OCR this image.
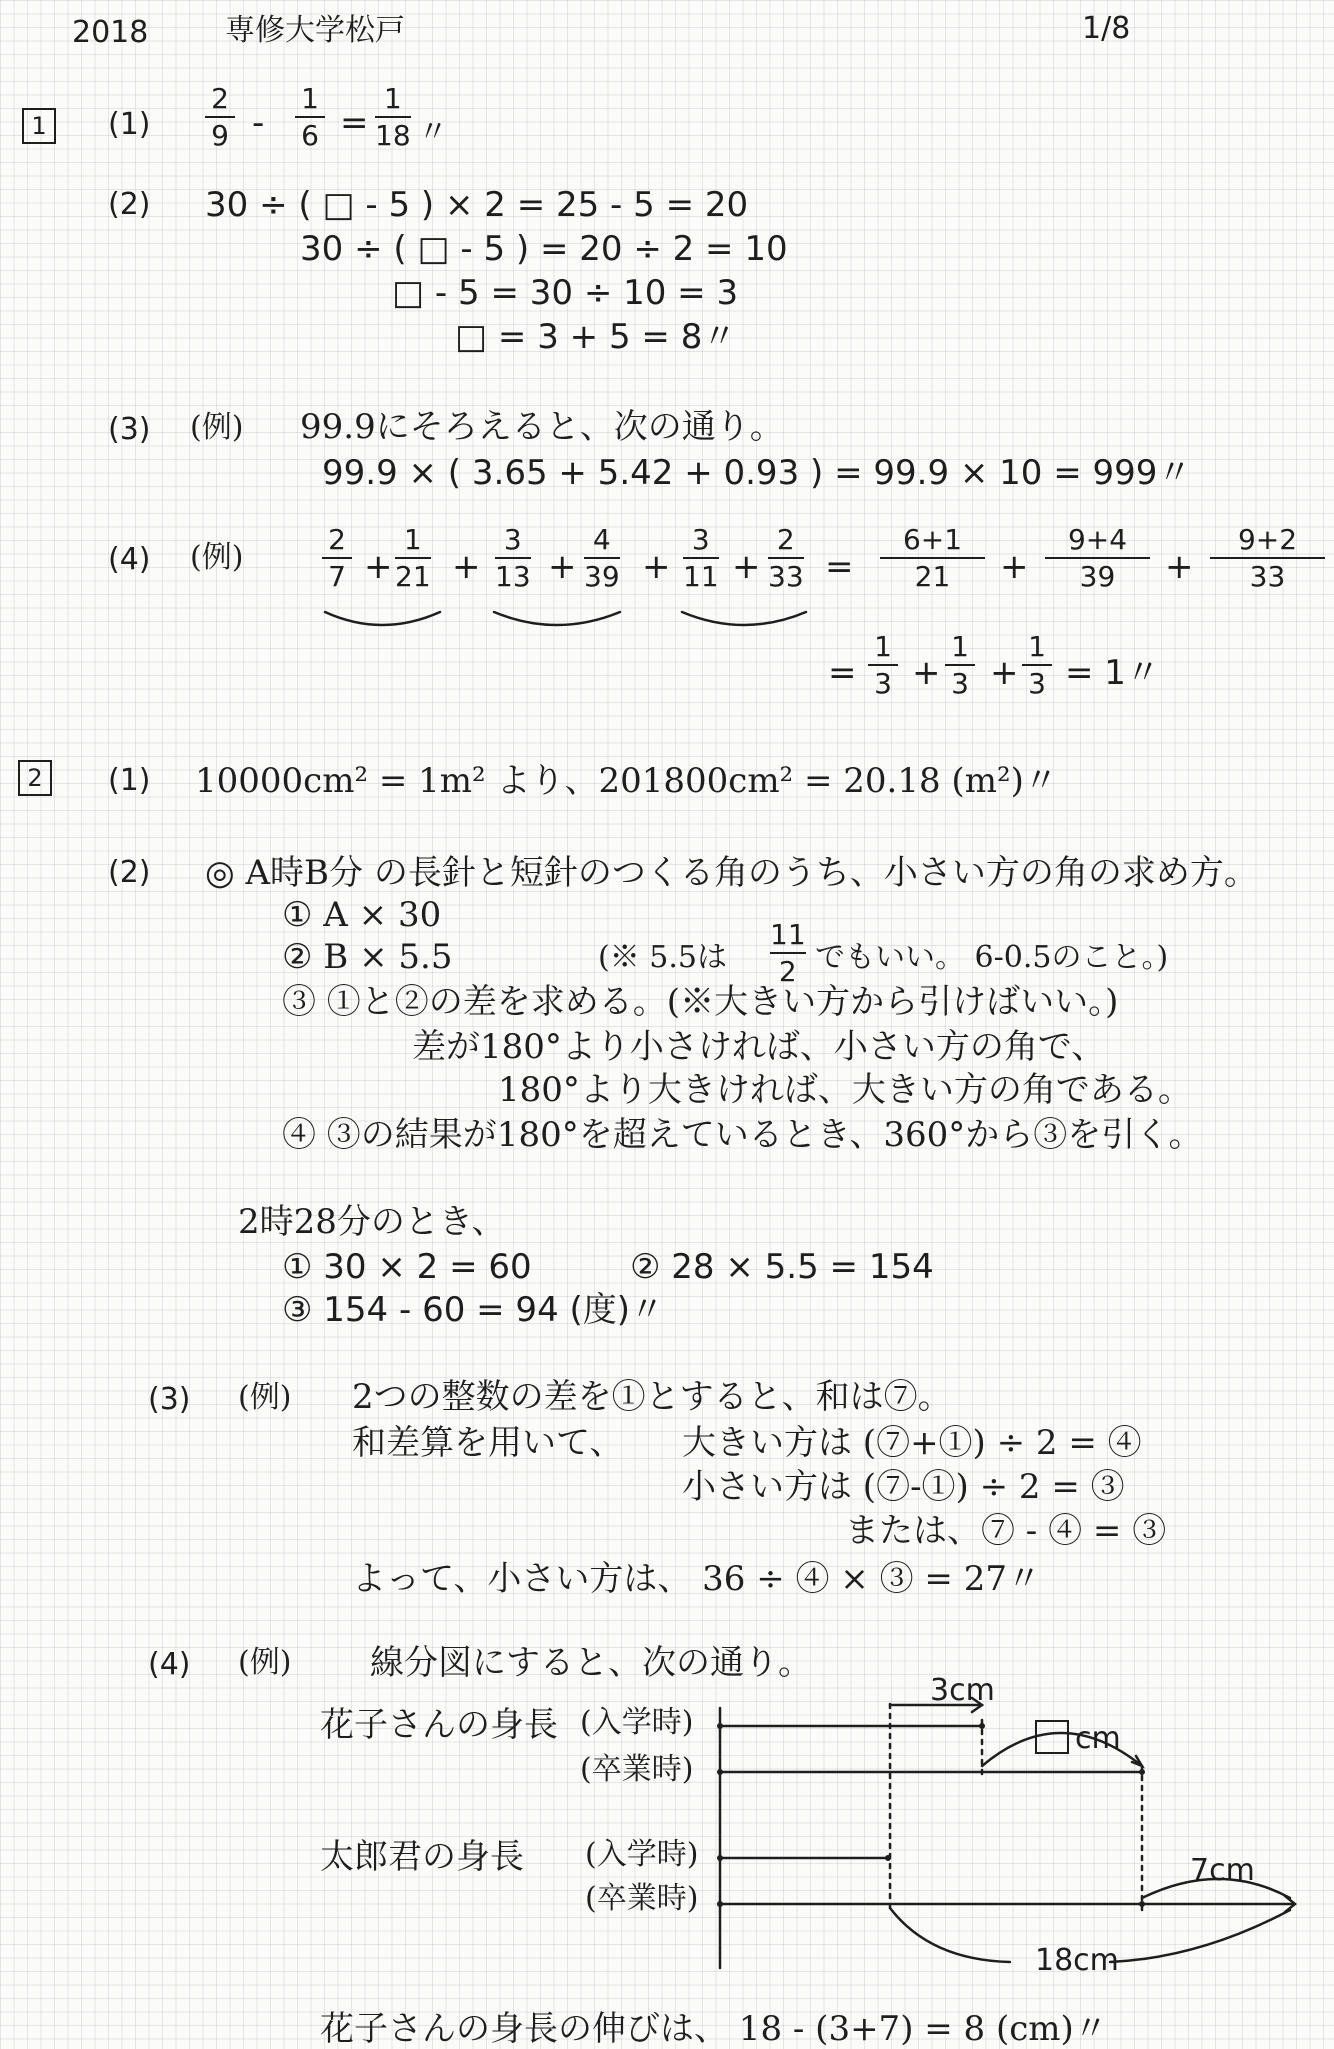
2018	専修大学松戸	1/8
1	(1)
2
9 -
1
6 =
1
18 〃
(2) 30 ÷ ( □ - 5 ) × 2 = 25 - 5 = 20
30 ÷ ( □ - 5 ) = 20 ÷ 2 = 10
□ - 5 = 30 ÷ 10 = 3
□ = 3 + 5 = 8〃
(3) (例) 99.9にそろえると、次の通り。
99.9 × ( 3.65 + 5.42 + 0.93 ) = 99.9 × 10 = 999〃
(4) (例)
2
7 +
1
21 +
3
13 +
4
39 +
3
11 +
2
33 =
6+1
21 +
9+4
39 +
9+2
33
=
1
3 +
1
3 +
1
3 = 1〃
2	(1) 10000cm² = 1m² より、201800cm² = 20.18 (m²)〃
(2) ◎ A時B分 の長針と短針のつくる角のうち、小さい方の角の求め方。
① A × 30
② B × 5.5	(※ 5.5は
11
2 でもいい。 6-0.5のこと。)
③ ①と②の差を求める。(※大きい方から引けばいい。)
差が180°より小さければ、小さい方の角で、
180°より大きければ、大きい方の角である。
④ ③の結果が180°を超えているとき、360°から③を引く。
2時28分のとき、
① 30 × 2 = 60	② 28 × 5.5 = 154
③ 154 - 60 = 94 (度)〃
(3) (例) 2つの整数の差を①とすると、和は⑦。
和差算を用いて、 大きい方は (⑦+①) ÷ 2 = ④
小さい方は (⑦-①) ÷ 2 = ③
または、⑦ - ④ = ③
よって、小さい方は、 36 ÷ ④ × ③ = 27〃
(4) (例) 線分図にすると、次の通り。
花子さんの身長 (入学時)
(卒業時)
太郎君の身長 (入学時)
(卒業時)
3cm
cm
7cm
18cm
花子さんの身長の伸びは、 18 - (3+7) = 8 (cm)〃
